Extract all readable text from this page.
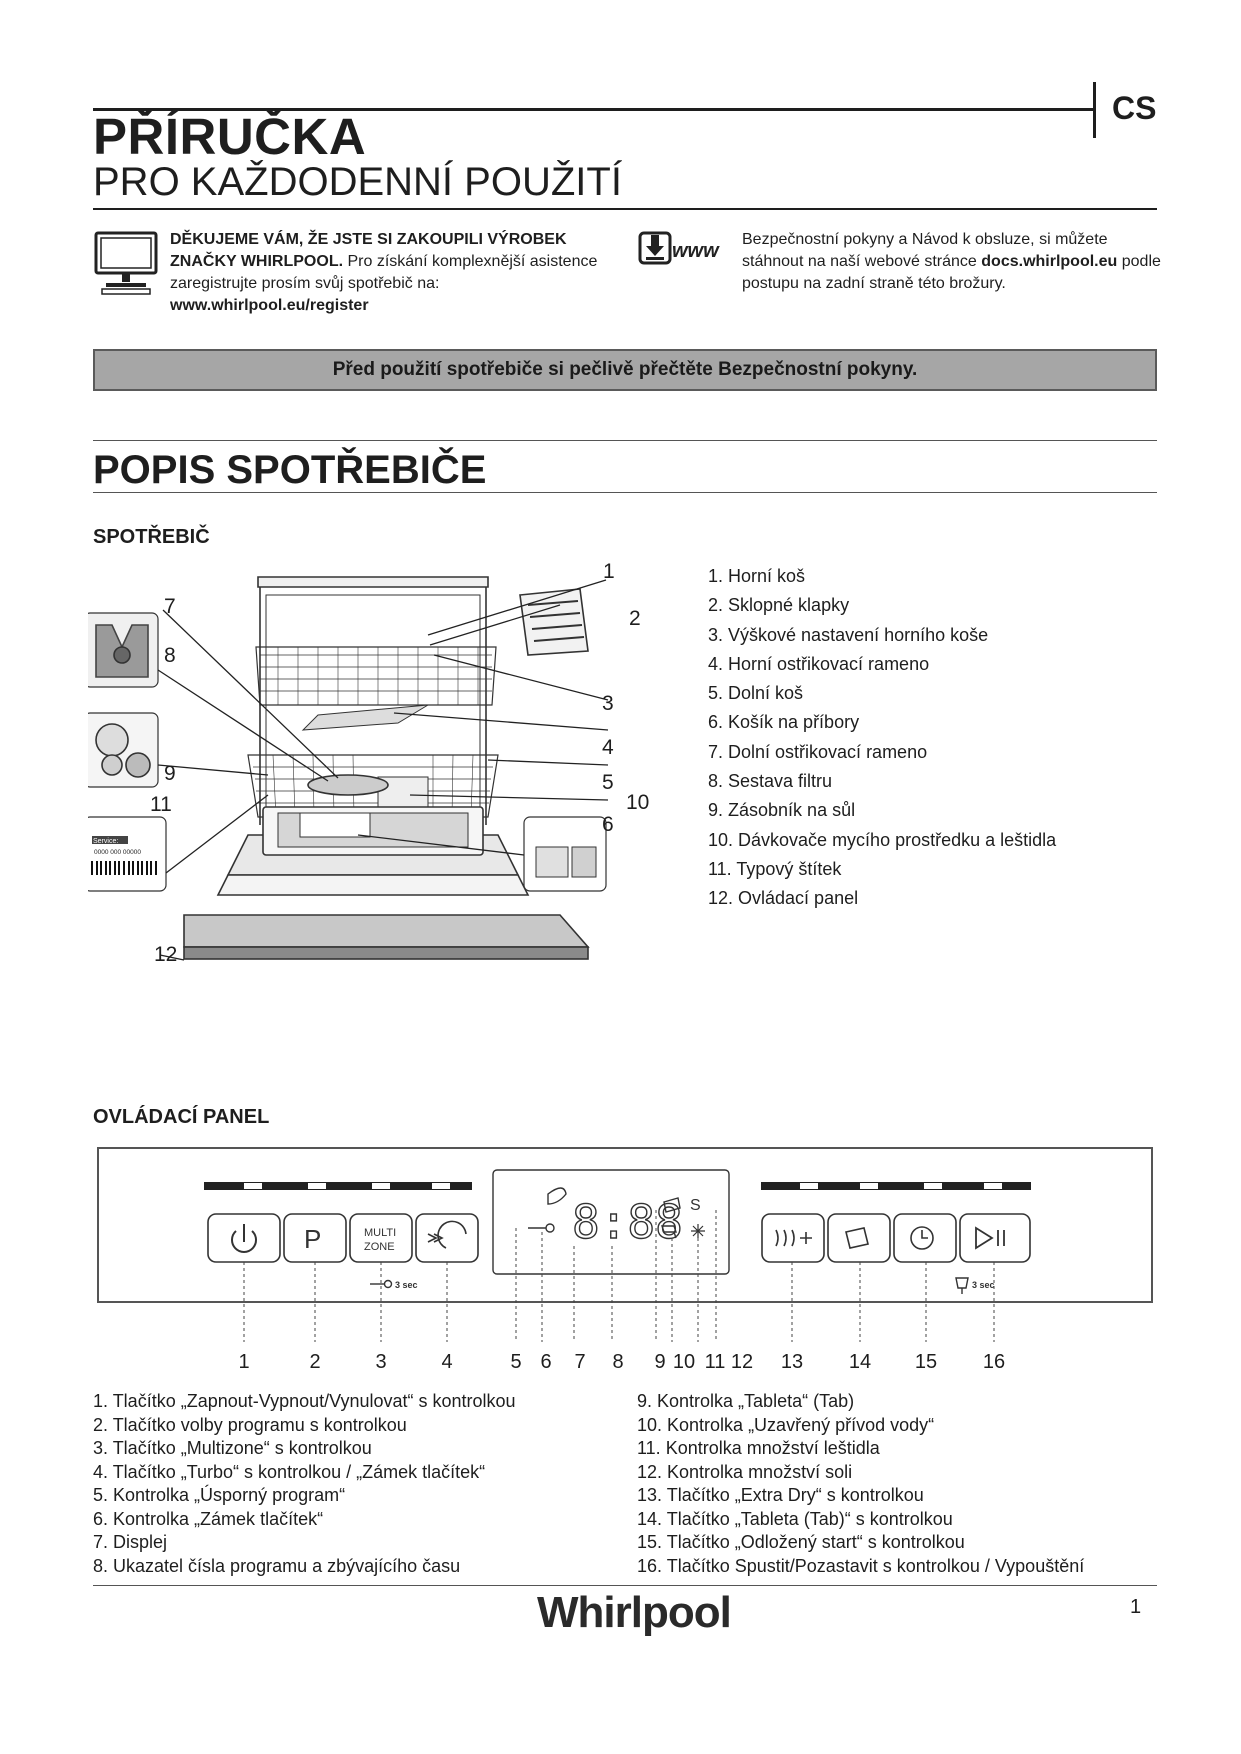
CS
PŘÍRUČKA
PRO KAŽDODENNÍ POUŽITÍ
DĚKUJEME VÁM, ŽE JSTE SI ZAKOUPILI VÝROBEK ZNAČKY WHIRLPOOL. Pro získání komplexnější asistence zaregistrujte prosím svůj spotřebič na:
www.whirlpool.eu/register
www
Bezpečnostní pokyny a Návod k obsluze, si můžete stáhnout na naší webové stránce docs.whirlpool.eu podle postupu na zadní straně této brožury.
Před použití spotřebiče si pečlivě přečtěte Bezpečnostní pokyny.
POPIS SPOTŘEBIČE
SPOTŘEBIČ
Service:
0000 000 00000
1
2
3
4
5
6
7
8
9
11	10
12
1. Horní koš
2. Sklopné klapky
3. Výškové nastavení horního koše
4. Horní ostřikovací rameno
5. Dolní koš
6. Košík na příbory
7. Dolní ostřikovací rameno
8. Sestava filtru
9. Zásobník na sůl
10. Dávkovače mycího prostředku a leštidla
11. Typový štítek
12. Ovládací panel
OVLÁDACÍ PANEL
P	MULTI
ZONE
3 sec
8:88 S
3 sec
1	2	3	4	5 6 7 8 9 10 11 12 13 14 15 16
1. Tlačítko „Zapnout-Vypnout/Vynulovat“ s kontrolkou
2. Tlačítko volby programu s kontrolkou
3. Tlačítko „Multizone“ s kontrolkou
4. Tlačítko „Turbo“ s kontrolkou / „Zámek tlačítek“
5. Kontrolka „Úsporný program“
6. Kontrolka „Zámek tlačítek“
7. Displej
8. Ukazatel čísla programu a zbývajícího času
9. Kontrolka „Tableta“ (Tab)
10. Kontrolka „Uzavřený přívod vody“
11. Kontrolka množství leštidla
12. Kontrolka množství soli
13. Tlačítko „Extra Dry“ s kontrolkou
14. Tlačítko „Tableta (Tab)“ s kontrolkou
15. Tlačítko „Odložený start“ s kontrolkou
16. Tlačítko Spustit/Pozastavit s kontrolkou / Vypouštění
Whirlpool	1
